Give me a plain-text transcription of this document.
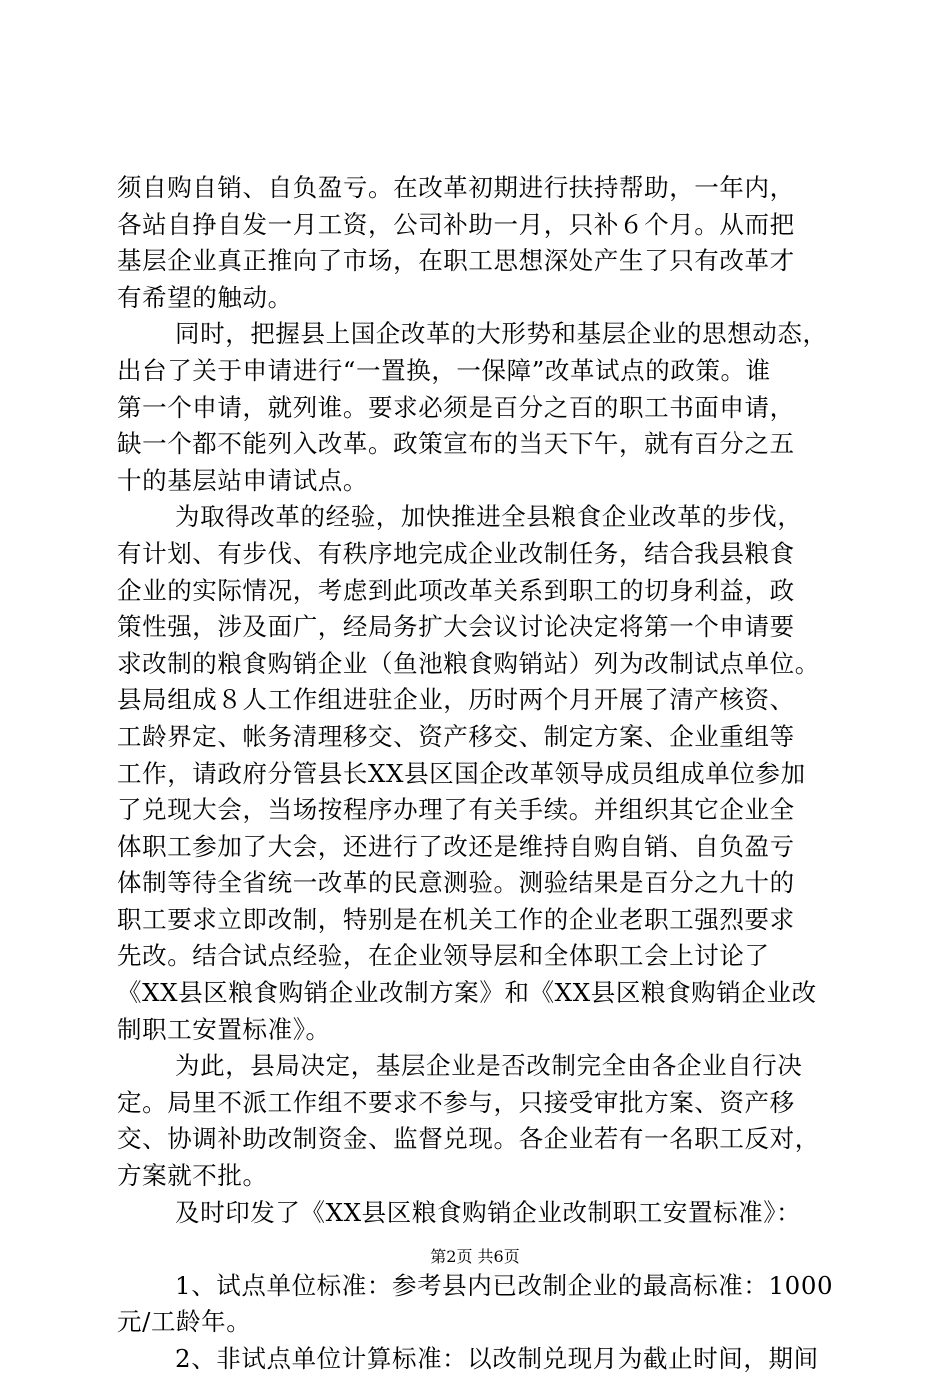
须自购自销、自负盈亏。在改革初期进行扶持帮助，一年内，
各站自挣自发一月工资，公司补助一月，只补６个月。从而把
基层企业真正推向了市场，在职工思想深处产生了只有改革才
有希望的触动。
同时，把握县上国企改革的大形势和基层企业的思想动态，
出台了关于申请进行“一置换，一保障”改革试点的政策。谁
第一个申请，就列谁。要求必须是百分之百的职工书面申请，
缺一个都不能列入改革。政策宣布的当天下午，就有百分之五
十的基层站申请试点。
为取得改革的经验，加快推进全县粮食企业改革的步伐，
有计划、有步伐、有秩序地完成企业改制任务，结合我县粮食
企业的实际情况，考虑到此项改革关系到职工的切身利益，政
策性强，涉及面广，经局务扩大会议讨论决定将第一个申请要
求改制的粮食购销企业（鱼池粮食购销站）列为改制试点单位。
县局组成８人工作组进驻企业，历时两个月开展了清产核资、
工龄界定、帐务清理移交、资产移交、制定方案、企业重组等
工作，请政府分管县长XX县区国企改革领导成员组成单位参加
了兑现大会，当场按程序办理了有关手续。并组织其它企业全
体职工参加了大会，还进行了改还是维持自购自销、自负盈亏
体制等待全省统一改革的民意测验。测验结果是百分之九十的
职工要求立即改制，特别是在机关工作的企业老职工强烈要求
先改。结合试点经验，在企业领导层和全体职工会上讨论了
《XX县区粮食购销企业改制方案》和《XX县区粮食购销企业改
制职工安置标准》。
为此，县局决定，基层企业是否改制完全由各企业自行决
定。局里不派工作组不要求不参与，只接受审批方案、资产移
交、协调补助改制资金、监督兑现。各企业若有一名职工反对，
方案就不批。
及时印发了《XX县区粮食购销企业改制职工安置标准》：
1、试点单位标准：参考县内已改制企业的最高标准：1000
元/工龄年。
2、非试点单位计算标准：以改制兑现月为截止时间，期间
第2页 共6页
